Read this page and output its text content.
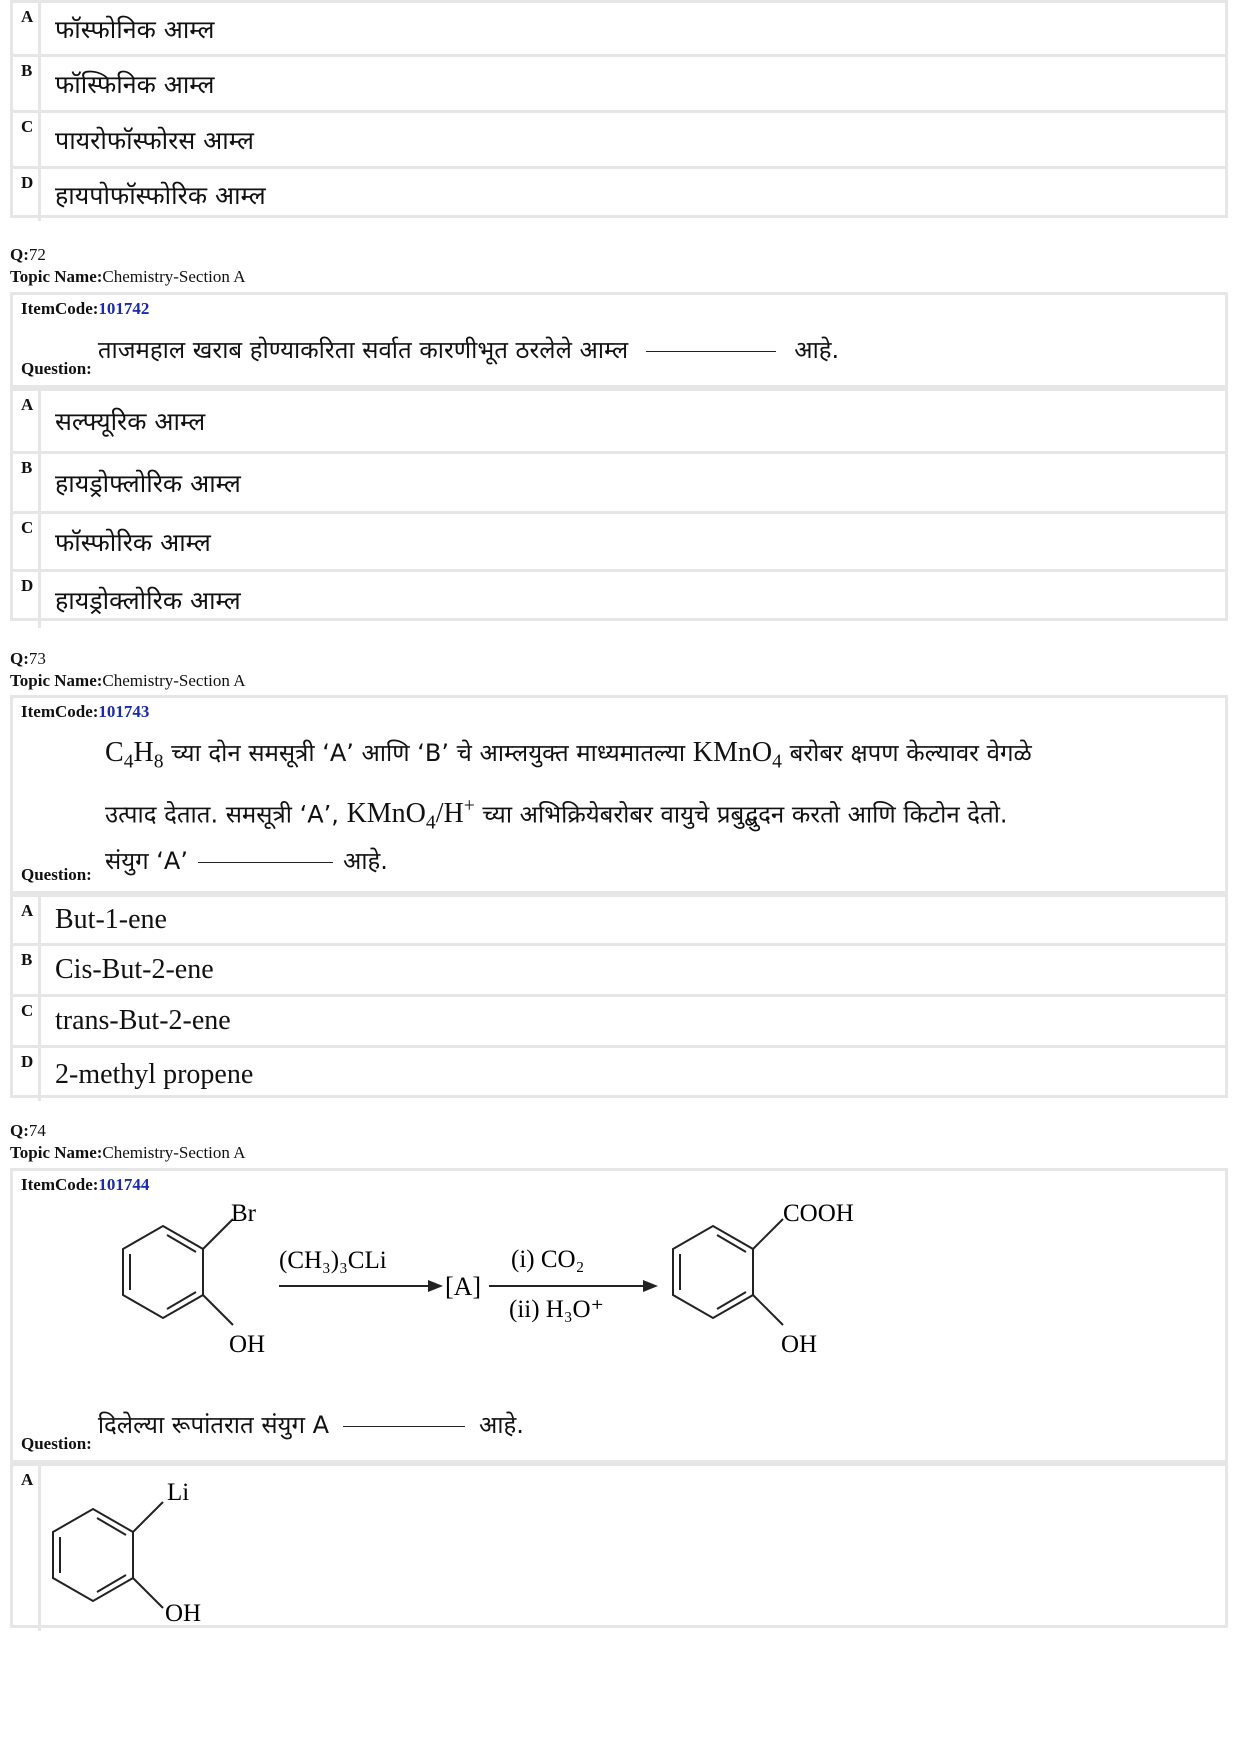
A फॉस्फोनिक आम्ल
B फॉस्फिनिक आम्ल
C पायरोफॉस्फोरस आम्ल
D हायपोफॉस्फोरिक आम्ल
Q:72
Topic Name:Chemistry-Section A
ItemCode:101742
Question:
ताजमहाल खराब होण्याकरिता सर्वात कारणीभूत ठरलेले आम्ल	आहे.
A
सल्फ्यूरिक आम्ल
B
हायड्रोफ्लोरिक आम्ल
C फॉस्फोरिक आम्ल
D
हायड्रोक्लोरिक आम्ल
Q:73
Topic Name:Chemistry-Section A
ItemCode:101743
$C_4H_8$ च्या दोन समसूत्री ‘A’ आणि ‘B’ चे आम्लयुक्त माध्यमातल्या KMnO$_4$ बरोबर क्षपण केल्यावर वेगळे
उत्पाद देतात. समसूत्री ‘A’, KMnO$_4$/H+ च्या अभिक्रियेबरोबर वायुचे प्रबुद्बुदन करतो आणि किटोन देतो.
संयुग ‘A’	आहे.
Question:
A But-1-ene
B Cis-But-2-ene
C trans-But-2-ene
D 2-methyl propene
Q:74
Topic Name:Chemistry-Section A
ItemCode:101744
Br
OH
(CH₃)₃CLi
[A]
(i) CO₂
(ii) H₃O⁺
COOH
OH
Question:
दिलेल्या रूपांतरात संयुग A	आहे.
A	Li
OH
